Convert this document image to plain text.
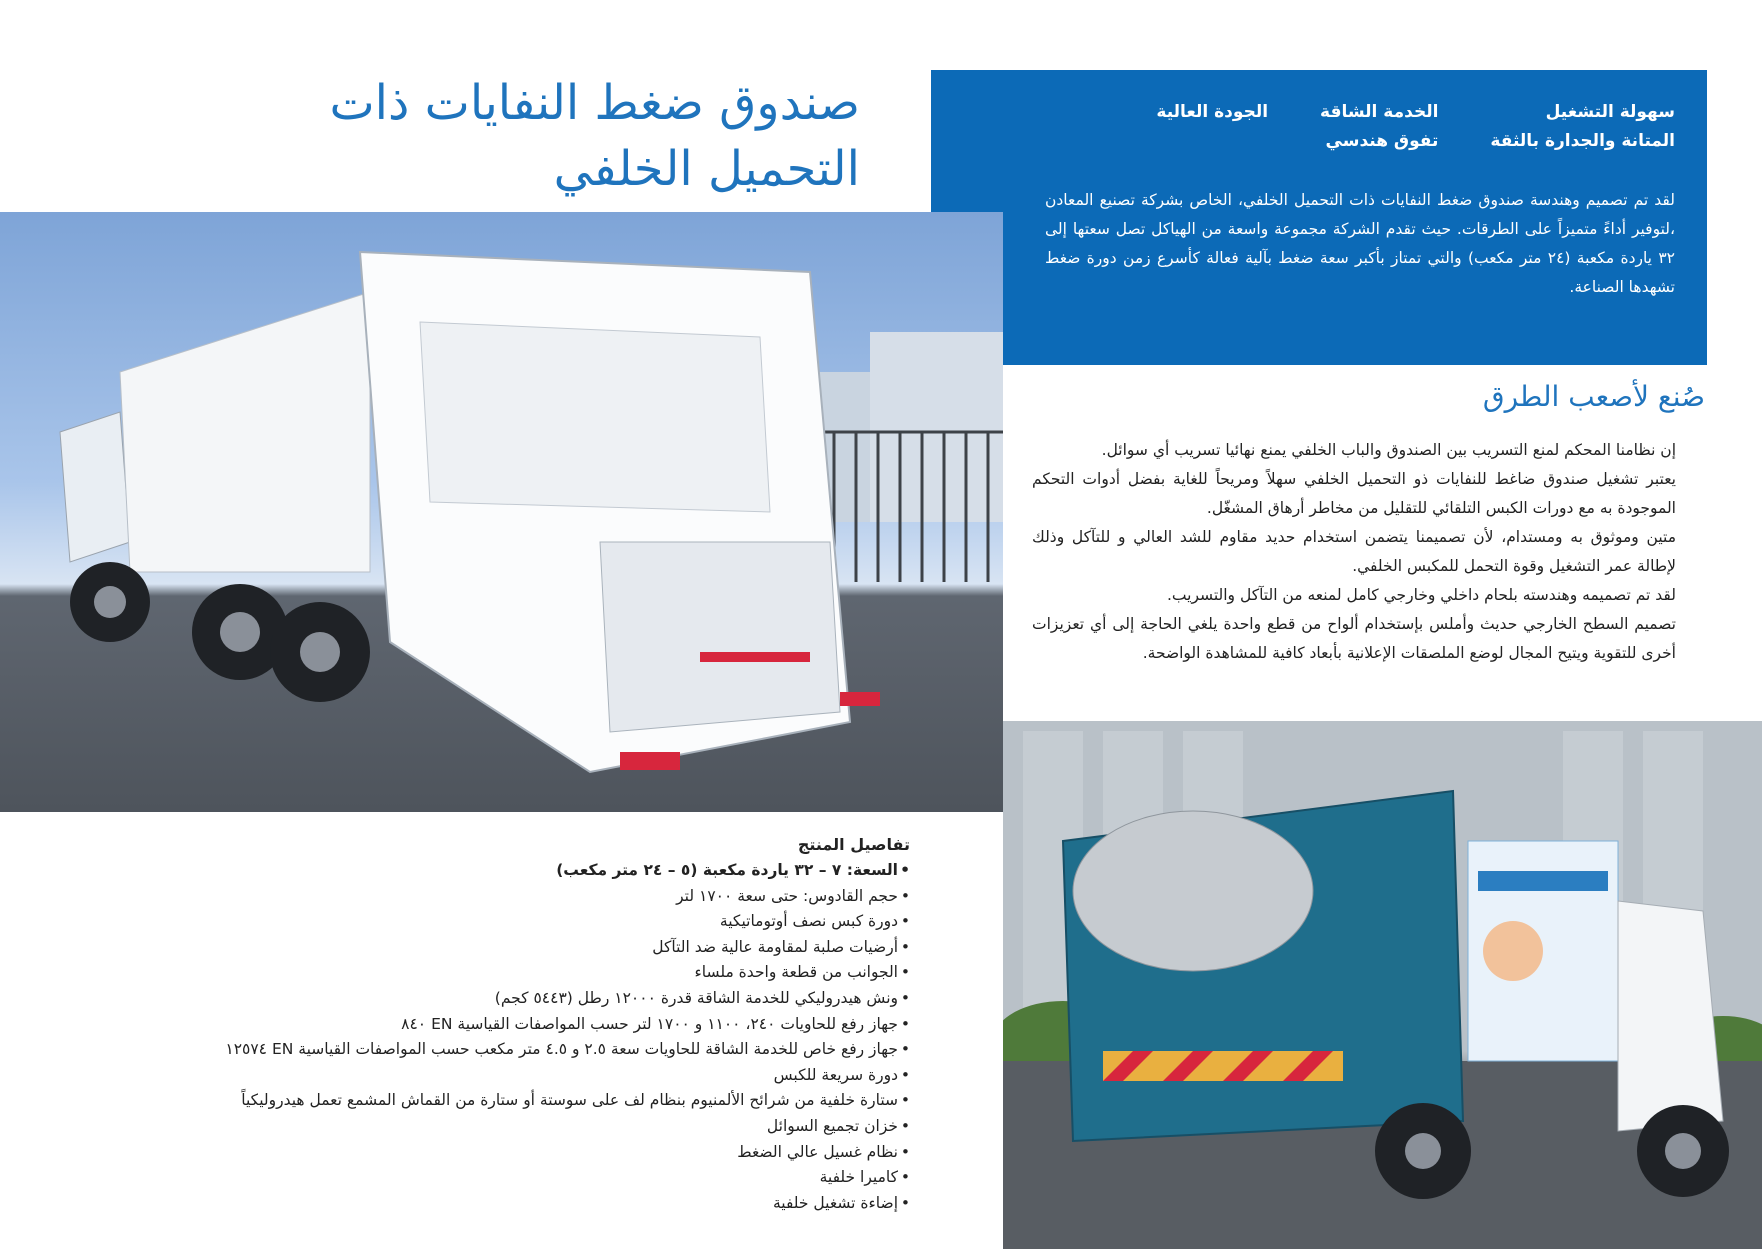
صندوق ضغط النفايات ذات
التحميل الخلفي
سهولة التشغيل
الخدمة الشاقة
الجودة العالية
المتانة والجدارة بالثقة
تفوق هندسي

لقد تم تصميم وهندسة صندوق ضغط النفايات ذات التحميل الخلفي، الخاص بشركة تصنيع المعادن ،لتوفير أداءً متميزاً على الطرقات. حيث تقدم الشركة مجموعة واسعة من الهياكل تصل سعتها إلى ٣٢ ياردة مكعبة (٢٤ متر مكعب) والتي تمتاز بأكبر سعة ضغط بآلية فعالة كأسرع زمن دورة ضغط تشهدها الصناعة.

صُنع لأصعب الطرق

إن نظامنا المحكم لمنع التسريب بين الصندوق والباب الخلفي يمنع نهائيا تسريب أي سوائل.

يعتبر تشغيل صندوق ضاغط للنفايات ذو التحميل الخلفي سهلاً ومريحاً للغاية بفضل أدوات التحكم الموجودة به مع دورات الكبس التلقائي للتقليل من مخاطر أرهاق المشغّل.

متين وموثوق به ومستدام، لأن تصميمنا يتضمن استخدام حديد مقاوم للشد العالي و للتآكل وذلك لإطالة عمر التشغيل وقوة التحمل للمكبس الخلفي.

لقد تم تصميمه وهندسته بلحام داخلي وخارجي كامل لمنعه من التآكل والتسريب.

تصميم السطح الخارجي حديث وأملس بإستخدام ألواح من قطع واحدة يلغي الحاجة إلى أي تعزيزات أخرى للتقوية ويتيح المجال لوضع الملصقات الإعلانية بأبعاد كافية للمشاهدة الواضحة.

تفاصيل المنتج
• السعة: ٧ – ٣٢ ياردة مكعبة (٥ – ٢٤ متر مكعب)
• حجم القادوس: حتى سعة ١٧٠٠ لتر
• دورة كبس نصف أوتوماتيكية
• أرضيات صلبة لمقاومة عالية ضد التآكل
• الجوانب من قطعة واحدة ملساء
• ونش هيدروليكي للخدمة الشاقة قدرة ١٢٠٠٠ رطل (٥٤٤٣ كجم)
• جهاز رفع للحاويات ٢٤٠، ١١٠٠ و ١٧٠٠ لتر حسب المواصفات القياسية EN ٨٤٠
• جهاز رفع خاص للخدمة الشاقة للحاويات سعة ٢.٥ و ٤.٥ متر مكعب حسب المواصفات القياسية EN ١٢٥٧٤
• دورة سريعة للكبس
• ستارة خلفية من شرائح الألمنيوم بنظام لف على سوستة أو ستارة من القماش المشمع تعمل هيدروليكياً
• خزان تجميع السوائل
• نظام غسيل عالي الضغط
• كاميرا خلفية
• إضاءة تشغيل خلفية
